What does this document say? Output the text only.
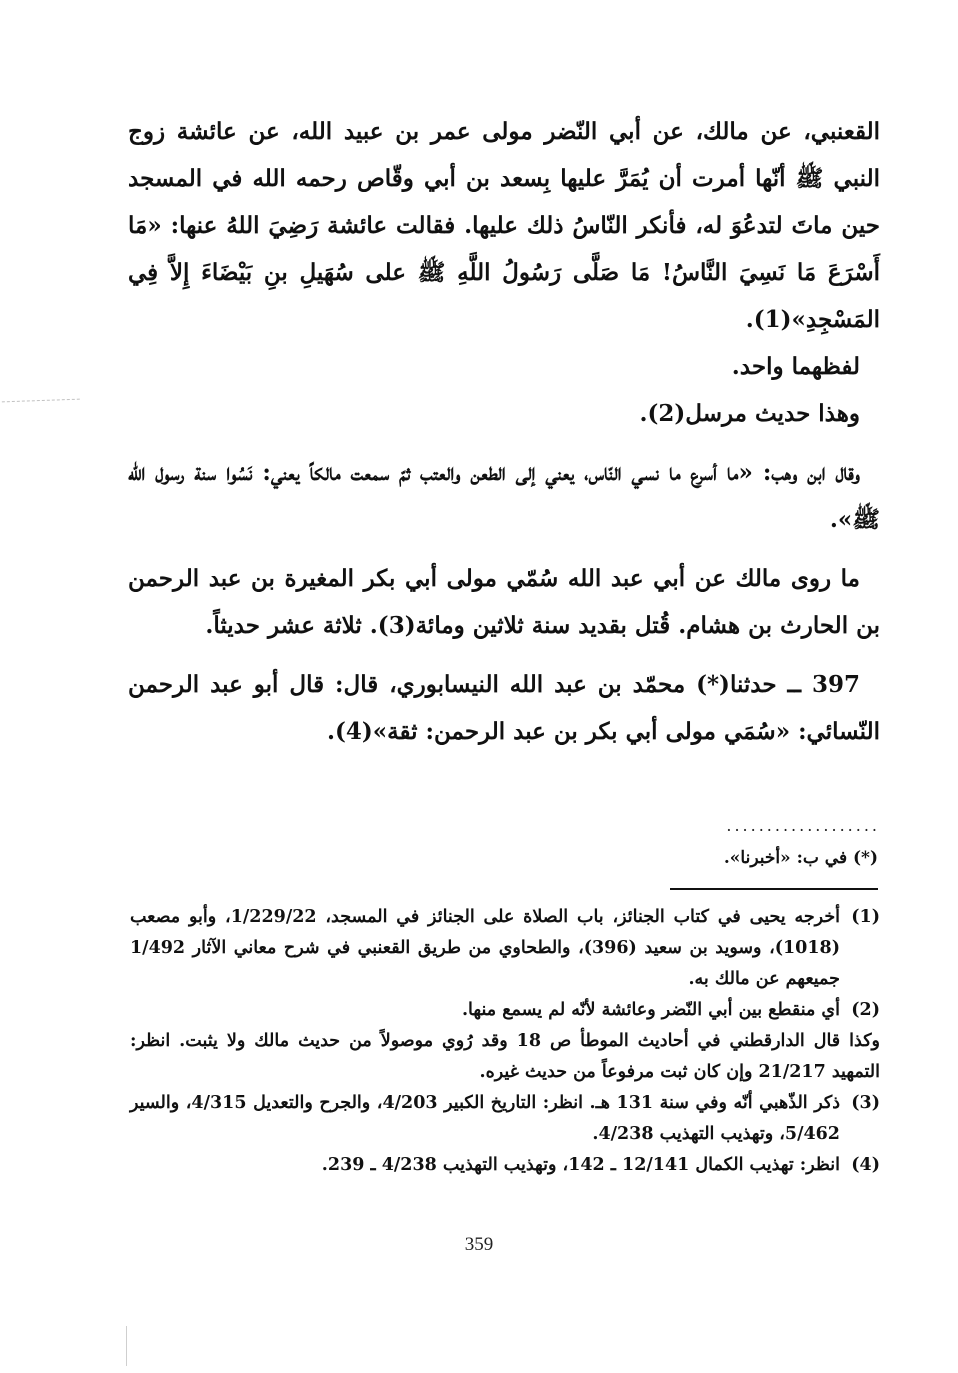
القعنبي، عن مالك، عن أبي النّضر مولى عمر بن عبيد الله، عن عائشة زوج النبي ﷺ أنّها أمرت أن يُمَرَّ عليها بِسعد بن أبي وقّاص رحمه الله في المسجد حين ماتَ لتدعُوَ له، فأنكر النّاسُ ذلك عليها. فقالت عائشة رَضِيَ اللهُ عنها: «مَا أَسْرَعَ مَا نَسِيَ النَّاسُ! مَا صَلَّى رَسُولُ اللَّهِ ﷺ على سُهَيلِ بنِ بَيْضَاءَ إِلاَّ فِي المَسْجِدِ»(1).

لفظهما واحد.

وهذا حديث مرسل(2).

وقال ابن وهب: «ما أسرع ما نسي النّاس، يعني إلى الطعن والعتب ثمّ سمعت مالكاً يعني: نَسُوا سنة رسول الله ﷺ».

ما روى مالك عن أبي عبد الله سُمّي مولى أبي بكر المغيرة بن عبد الرحمن بن الحارث بن هشام. قُتل بقديد سنة ثلاثين ومائة(3). ثلاثة عشر حديثاً.

397 ــ حدثنا(*) محمّد بن عبد الله النيسابوري، قال: قال أبو عبد الرحمن النّسائي: «سُمَي مولى أبي بكر بن عبد الرحمن: ثقة»(4).

...................
(*) في ب: «أخبرنا».
(1)

أخرجه يحيى في كتاب الجنائز، باب الصلاة على الجنائز في المسجد، 1/229/22، وأبو مصعب (1018)، وسويد بن سعيد (396)، والطحاوي من طريق القعنبي في شرح معاني الآثار 1/492 جميعهم عن مالك به.

(2)

أي منقطع بين أبي النّضر وعائشة لأنّه لم يسمع منها.

وكذا قال الدارقطني في أحاديث الموطأ ص 18 وقد رُوي موصولاً من حديث مالك ولا يثبت. انظر: التمهيد 21/217 وإن كان ثبت مرفوعاً من حديث غيره.

(3)

ذكر الذّهبي أنّه وفي سنة 131 هـ. انظر: التاريخ الكبير 4/203، والجرح والتعديل 4/315، والسير 5/462، وتهذيب التهذيب 4/238.

(4)

انظر: تهذيب الكمال 12/141 ـ 142، وتهذيب التهذيب 4/238 ـ 239.

359
